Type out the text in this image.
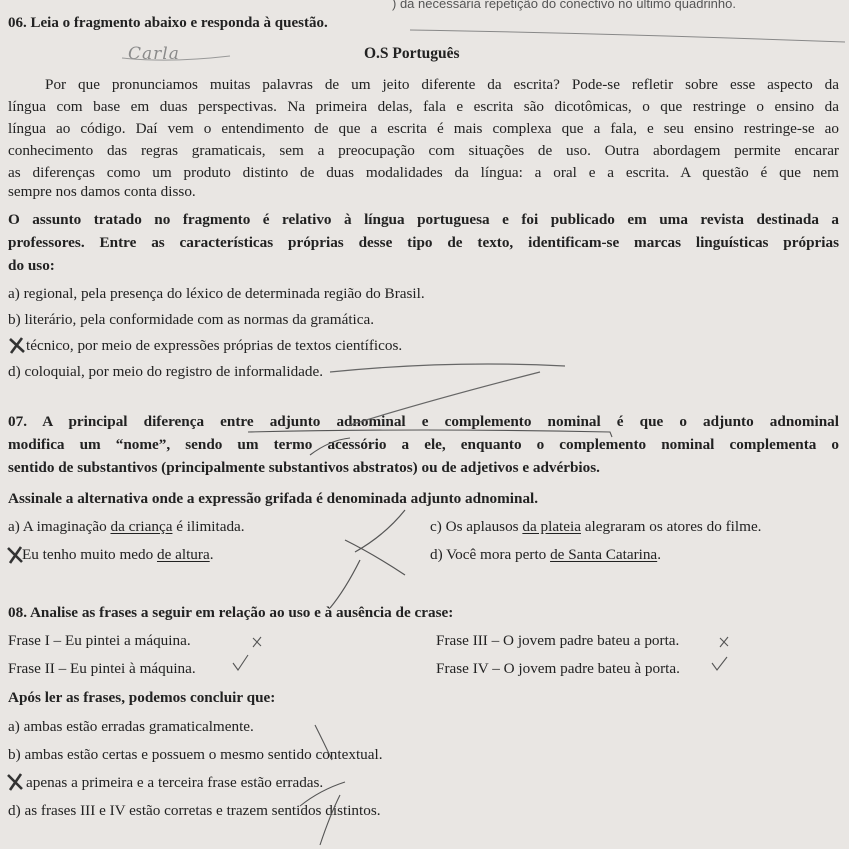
) da necessária repetição do conectivo no último quadrinho.
06. Leia o fragmento abaixo e responda à questão.
Carla	O.S Português
Por que pronunciamos muitas palavras de um jeito diferente da escrita? Pode-se refletir sobre esse aspecto da
língua com base em duas perspectivas. Na primeira delas, fala e escrita são dicotômicas, o que restringe o ensino da
língua ao código. Daí vem o entendimento de que a escrita é mais complexa que a fala, e seu ensino restringe-se ao
conhecimento das regras gramaticais, sem a preocupação com situações de uso. Outra abordagem permite encarar
as diferenças como um produto distinto de duas modalidades da língua: a oral e a escrita. A questão é que nem
sempre nos damos conta disso.
O assunto tratado no fragmento é relativo à língua portuguesa e foi publicado em uma revista destinada a
professores. Entre as características próprias desse tipo de texto, identificam-se marcas linguísticas próprias
do uso:
a) regional, pela presença do léxico de determinada região do Brasil.
b) literário, pela conformidade com as normas da gramática.
técnico, por meio de expressões próprias de textos científicos.
d) coloquial, por meio do registro de informalidade.
07. A principal diferença entre adjunto adnominal e complemento nominal é que o adjunto adnominal
modifica um “nome”, sendo um termo acessório a ele, enquanto o complemento nominal complementa o
sentido de substantivos (principalmente substantivos abstratos) ou de adjetivos e advérbios.
Assinale a alternativa onde a expressão grifada é denominada adjunto adnominal.
a) A imaginação da criança é ilimitada.	c) Os aplausos da plateia alegraram os atores do filme.
Eu tenho muito medo de altura.	d) Você mora perto de Santa Catarina.
08. Analise as frases a seguir em relação ao uso e à ausência de crase:
Frase I – Eu pintei a máquina.	Frase III – O jovem padre bateu a porta.
Frase II – Eu pintei à máquina.	Frase IV – O jovem padre bateu à porta.
Após ler as frases, podemos concluir que:
a) ambas estão erradas gramaticalmente.
b) ambas estão certas e possuem o mesmo sentido contextual.
apenas a primeira e a terceira frase estão erradas.
d) as frases III e IV estão corretas e trazem sentidos distintos.
